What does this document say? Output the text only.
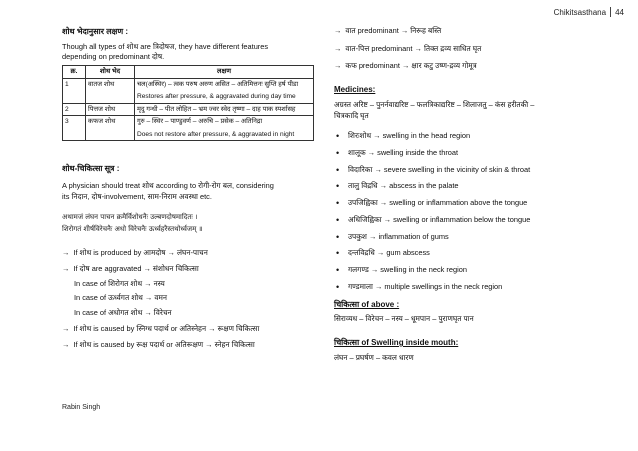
Chikitsasthana 44

शोथ भेदानुसार लक्षण :

Though all types of शोथ are त्रिदोषज, they have different features

depending on predominant दोष.

क्र.	शोथ भेद	लक्षण
1	वातज शोथ	चल(अस्थिर) – त्वक परुष अरुण असित – अतिमित्तनः सुप्ति हर्ष पीडा
Restores after pressure, & aggravated during day time

2	पित्तज शोथ	मृदु गन्धी – पीत लोहित – भ्रम ज्वर स्वेद तृष्णा – दाह पाक स्पर्शासह
3	कफज शोथ	गुरु – स्थिर – पाण्डुवर्ण – अरुचि – प्रसेक – अतिनिद्रा
Does not restore after pressure, & aggravated in night

शोथ-चिकित्सा सूत्र :

A physician should treat शोथ according to रोगी-रोग बल, considering

its निदान, दोष-involvement, साम-निराम अवस्था etc.

अथामजं लंघन पाचन क्रमैर्विशोधनैः उल्बणदोषमादितः ।

शिरोगतं शीर्षविरेचनैः अधो विरेचनैः ऊर्ध्वहरैस्तथोर्ध्वजम् ॥

→ If शोथ is produced by आमदोष → लंघन-पाचन
→ If दोष are aggravated → संशोधन चिकित्सा

In case of शिरोगत शोथ → नस्य

In case of ऊर्ध्वगत शोथ → वमन

In case of अधोगत शोथ → विरेचन

→ If शोथ is caused by स्निग्ध पदार्थ or अतिस्नेहन → रूक्षण चिकित्सा
→ If शोथ is caused by रूक्ष पदार्थ or अतिरूक्षण → स्नेहन चिकित्सा
Rabin Singh
→ वात predominant → निरूह बस्ति
→ वात-पित्त predominant → तिक्त द्रव्य साधित घृत
→ कफ predominant → क्षार कटु उष्ण-द्रव्य गोमूत्र

Medicines:

अग्रस्त अरिष्ट – पुनर्नवाद्यरिष्ट – फलत्रिकाद्यरिष्ट – शिलाजतु – कंस हरीतकी –

चित्रकादि घृत

• शिरःशोथ → swelling in the head region
• शालूक → swelling inside the throat
• विदारिका → severe swelling in the vicinity of skin & throat
• तालु विद्रधि → abscess in the palate
• उपजिह्विका → swelling or inflammation above the tongue
• अधिजिह्विका → swelling or inflammation below the tongue
• उपकुश → inflammation of gums
• दन्तविद्रधि → gum abscess
• गलगण्ड → swelling in the neck region
• गण्डमाला → multiple swellings in the neck region

चिकित्सा of above :

सिराव्यध – विरेचन – नस्य – धूमपान – पुराणघृत पान

चिकित्सा of Swelling inside mouth:

लंघन – प्रघर्षण – कवल धारण
